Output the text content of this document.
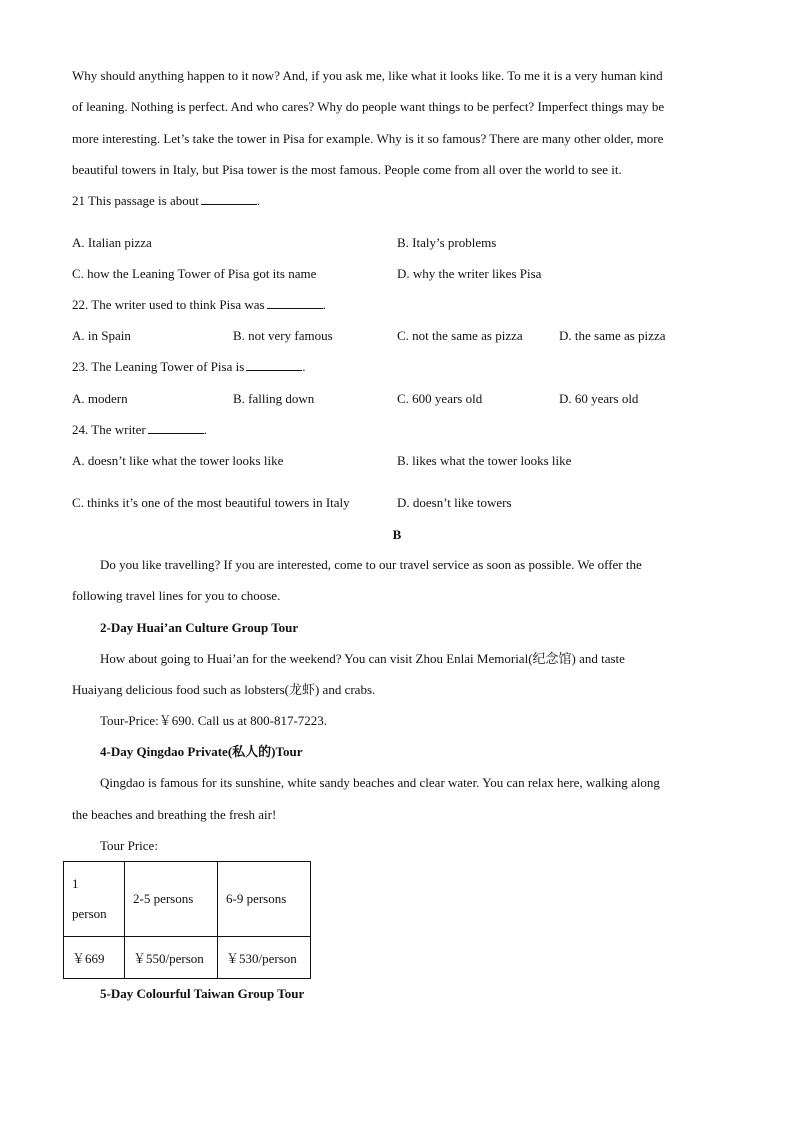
Why should anything happen to it now? And, if you ask me, like what it looks like. To me it is a very human kind
of leaning. Nothing is perfect. And who cares? Why do people want things to be perfect? Imperfect things may be
more interesting. Let’s take the tower in Pisa for example. Why is it so famous? There are many other older, more
beautiful towers in Italy, but Pisa tower is the most famous. People come from all over the world to see it.
21 This passage is about	.
A. Italian pizza	B. Italy’s problems
C. how the Leaning Tower of Pisa got its name	D. why the writer likes Pisa
22. The writer used to think Pisa was	.
A. in Spain	B. not very famous	C. not the same as pizza	D. the same as pizza
23. The Leaning Tower of Pisa is	.
A. modern	B. falling down	C. 600 years old	D. 60 years old
24. The writer	.
A. doesn’t like what the tower looks like	B. likes what the tower looks like
C. thinks it’s one of the most beautiful towers in Italy	D. doesn’t like towers
B
Do you like travelling? If you are interested, come to our travel service as soon as possible. We offer the
following travel lines for you to choose.
2-Day Huai’an Culture Group Tour
How about going to Huai’an for the weekend? You can visit Zhou Enlai Memorial(纪念馆) and taste
Huaiyang delicious food such as lobsters(龙虾) and crabs.
Tour-Price:￥690. Call us at 800-817-7223.
4-Day Qingdao Private(私人的)Tour
Qingdao is famous for its sunshine, white sandy beaches and clear water. You can relax here, walking along
the beaches and breathing the fresh air!
Tour Price:
1
person	2-5 persons	6-9 persons
￥669	￥550/person	￥530/person
5-Day Colourful Taiwan Group Tour
